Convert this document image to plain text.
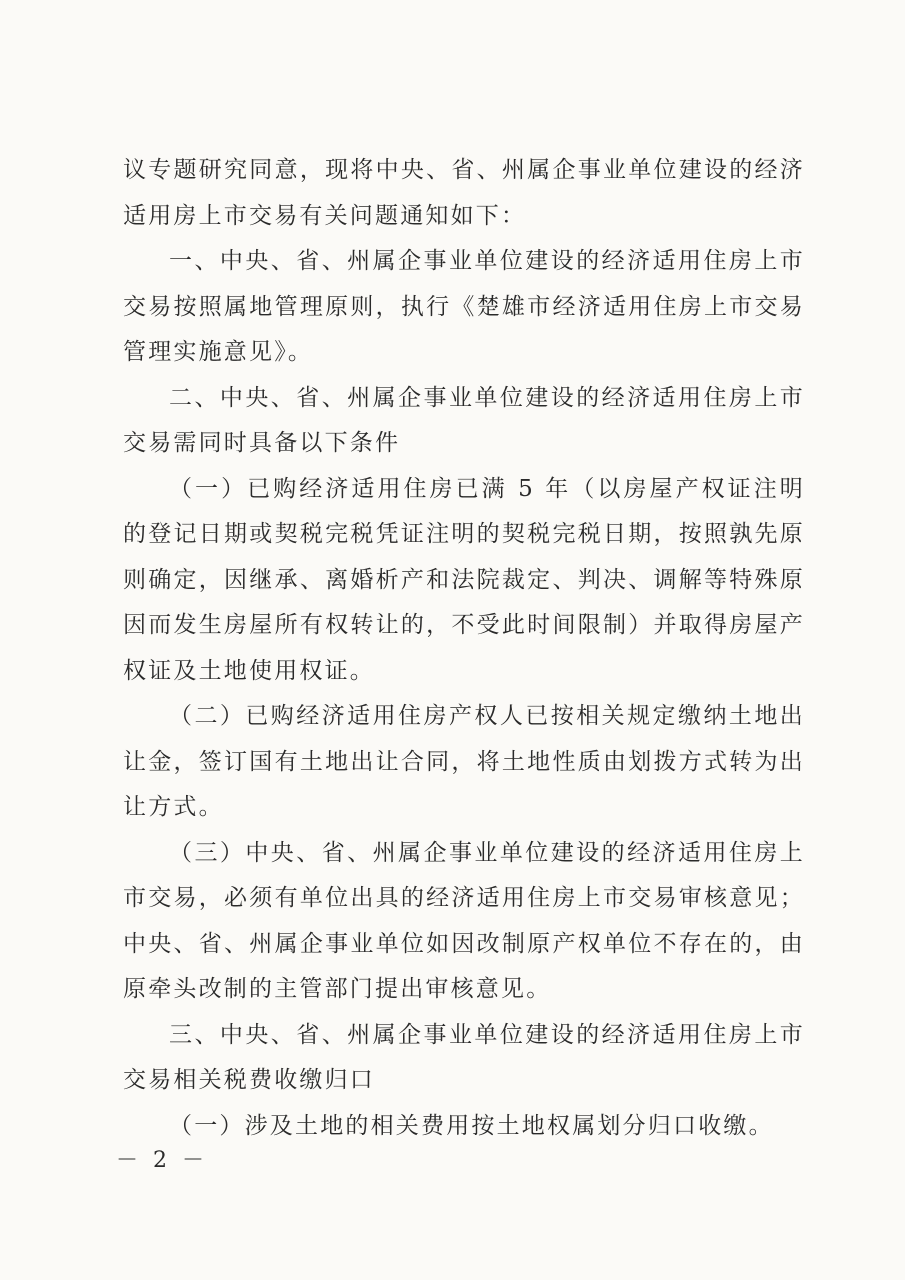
议专题研究同意，现将中央、省、州属企事业单位建设的经济适用房上市交易有关问题通知如下：

一、中央、省、州属企事业单位建设的经济适用住房上市交易按照属地管理原则，执行《楚雄市经济适用住房上市交易管理实施意见》。

二、中央、省、州属企事业单位建设的经济适用住房上市交易需同时具备以下条件

（一）已购经济适用住房已满 5 年（以房屋产权证注明的登记日期或契税完税凭证注明的契税完税日期，按照孰先原则确定，因继承、离婚析产和法院裁定、判决、调解等特殊原因而发生房屋所有权转让的，不受此时间限制）并取得房屋产权证及土地使用权证。

（二）已购经济适用住房产权人已按相关规定缴纳土地出让金，签订国有土地出让合同，将土地性质由划拨方式转为出让方式。

（三）中央、省、州属企事业单位建设的经济适用住房上市交易，必须有单位出具的经济适用住房上市交易审核意见；中央、省、州属企事业单位如因改制原产权单位不存在的，由原牵头改制的主管部门提出审核意见。

三、中央、省、州属企事业单位建设的经济适用住房上市交易相关税费收缴归口

（一）涉及土地的相关费用按土地权属划分归口收缴。

－ 2 －
